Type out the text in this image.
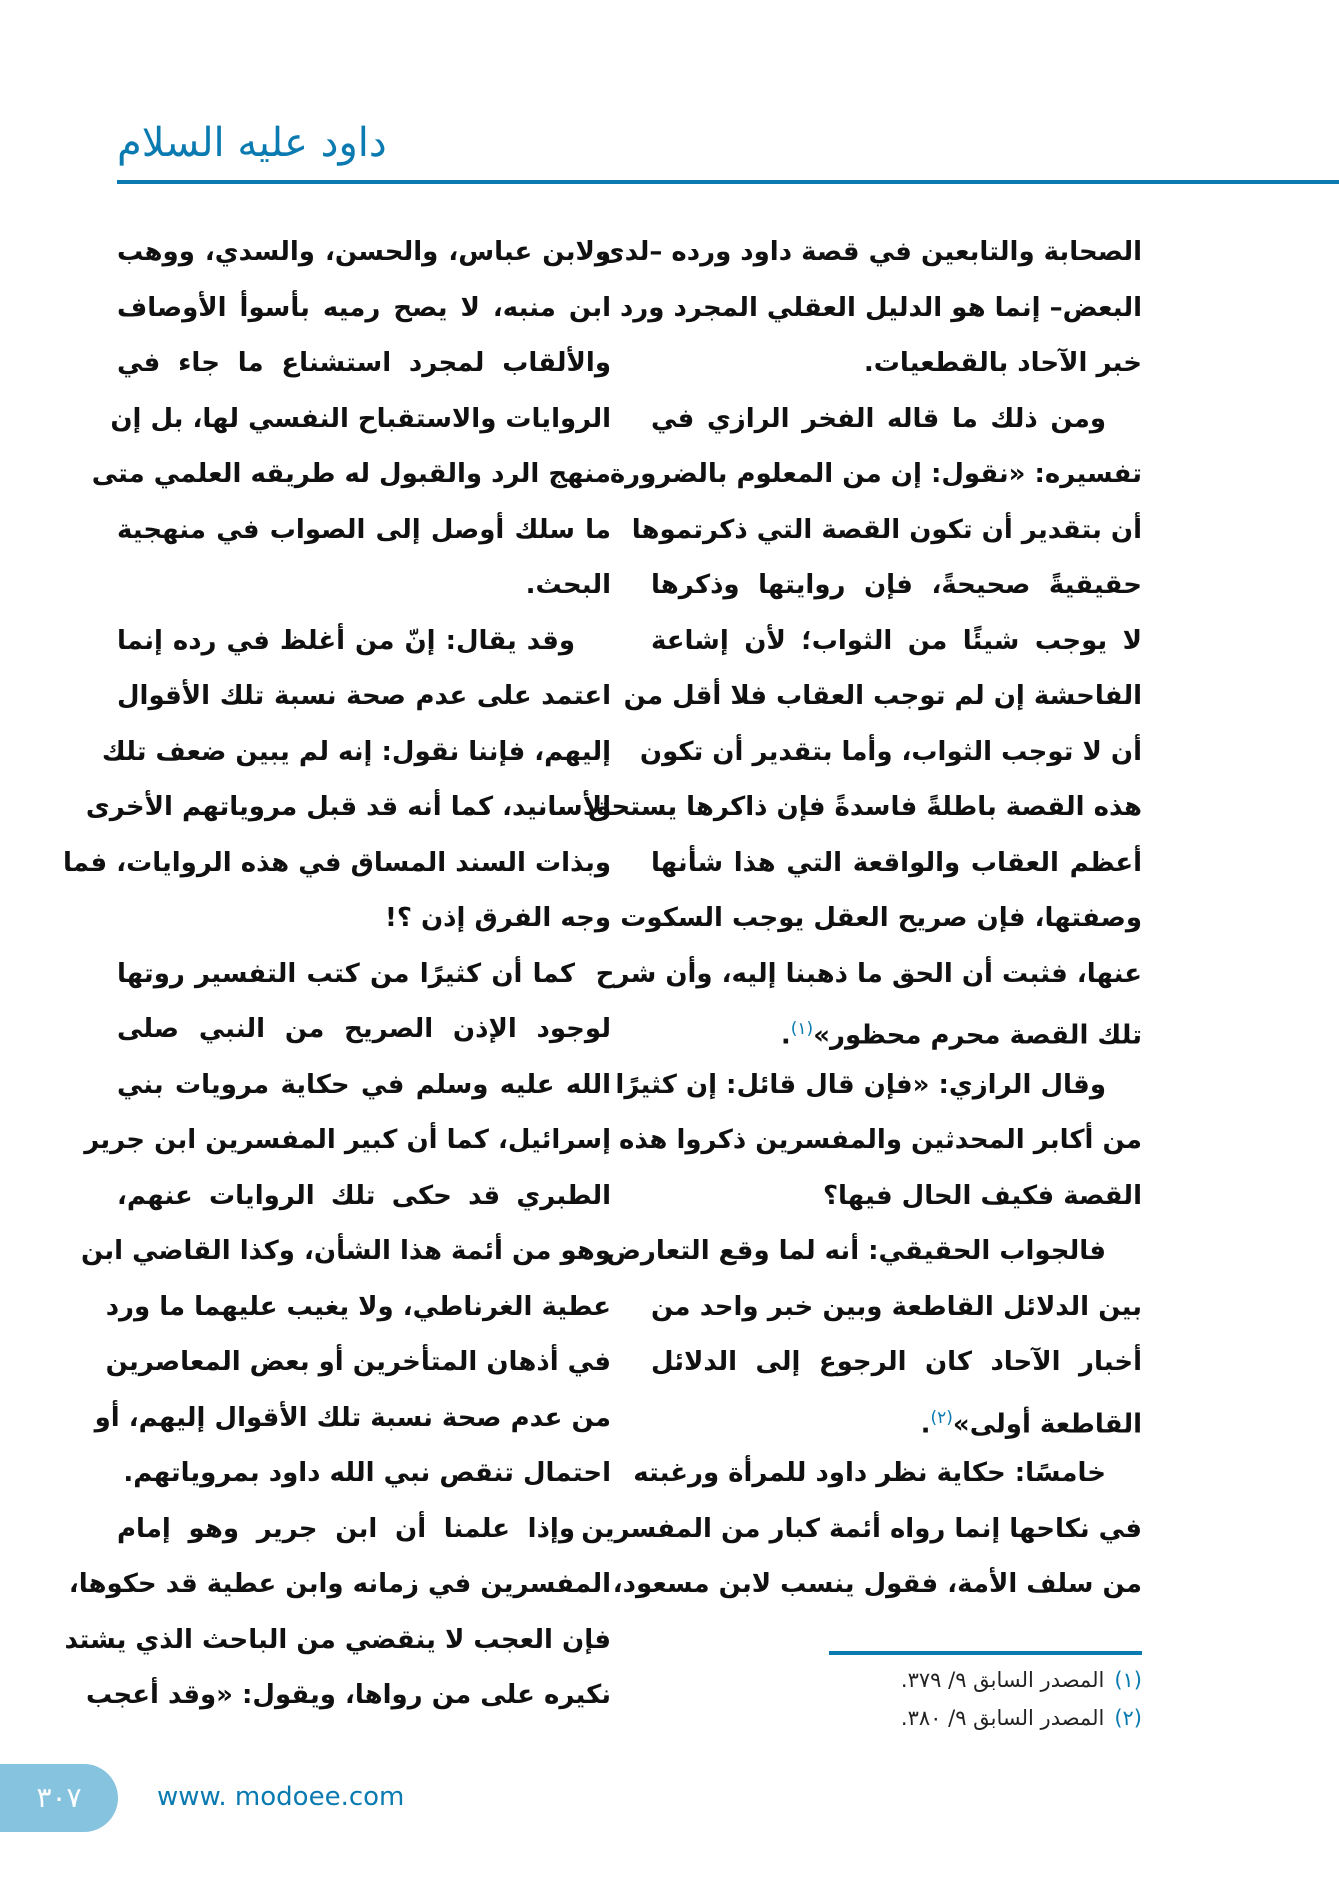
داود عليه السلام
الصحابة والتابعين في قصة داود ورده –لدى
البعض– إنما هو الدليل العقلي المجرد ورد
خبر الآحاد بالقطعيات.
ومن ذلك ما قاله الفخر الرازي في
تفسيره: «نقول: إن من المعلوم بالضرورة
أن بتقدير أن تكون القصة التي ذكرتموها
حقيقيةً صحيحةً، فإن روايتها وذكرها
لا يوجب شيئًا من الثواب؛ لأن إشاعة
الفاحشة إن لم توجب العقاب فلا أقل من
أن لا توجب الثواب، وأما بتقدير أن تكون
هذه القصة باطلةً فاسدةً فإن ذاكرها يستحق
أعظم العقاب والواقعة التي هذا شأنها
وصفتها، فإن صريح العقل يوجب السكوت
عنها، فثبت أن الحق ما ذهبنا إليه، وأن شرح
تلك القصة محرم محظور»$^{(١)}$.
وقال الرازي: «فإن قال قائل: إن كثيرًا
من أكابر المحدثين والمفسرين ذكروا هذه
القصة فكيف الحال فيها؟
فالجواب الحقيقي: أنه لما وقع التعارض
بين الدلائل القاطعة وبين خبر واحد من
أخبار الآحاد كان الرجوع إلى الدلائل
القاطعة أولى»$^{(٢)}$.
خامسًا: حكاية نظر داود للمرأة ورغبته
في نكاحها إنما رواه أئمة كبار من المفسرين
من سلف الأمة، فقول ينسب لابن مسعود،
ولابن عباس، والحسن، والسدي، ووهب
ابن منبه، لا يصح رميه بأسوأ الأوصاف
والألقاب لمجرد استشناع ما جاء في
الروايات والاستقباح النفسي لها، بل إن
منهج الرد والقبول له طريقه العلمي متى
ما سلك أوصل إلى الصواب في منهجية
البحث.
وقد يقال: إنّ من أغلظ في رده إنما
اعتمد على عدم صحة نسبة تلك الأقوال
إليهم، فإننا نقول: إنه لم يبين ضعف تلك
الأسانيد، كما أنه قد قبل مروياتهم الأخرى
وبذات السند المساق في هذه الروايات، فما
وجه الفرق إذن ؟!
كما أن كثيرًا من كتب التفسير روتها
لوجود الإذن الصريح من النبي صلى
الله عليه وسلم في حكاية مرويات بني
إسرائيل، كما أن كبير المفسرين ابن جرير
الطبري قد حكى تلك الروايات عنهم،
وهو من أئمة هذا الشأن، وكذا القاضي ابن
عطية الغرناطي، ولا يغيب عليهما ما ورد
في أذهان المتأخرين أو بعض المعاصرين
من عدم صحة نسبة تلك الأقوال إليهم، أو
احتمال تنقص نبي الله داود بمروياتهم.
وإذا علمنا أن ابن جرير وهو إمام
المفسرين في زمانه وابن عطية قد حكوها،
فإن العجب لا ينقضي من الباحث الذي يشتد
نكيره على من رواها، ويقول: «وقد أعجب	(١)المصدر السابق ٩/ ٣٧٩.
(٢)المصدر السابق ٩/ ٣٨٠.
٣٠٧	www. modoee.com
